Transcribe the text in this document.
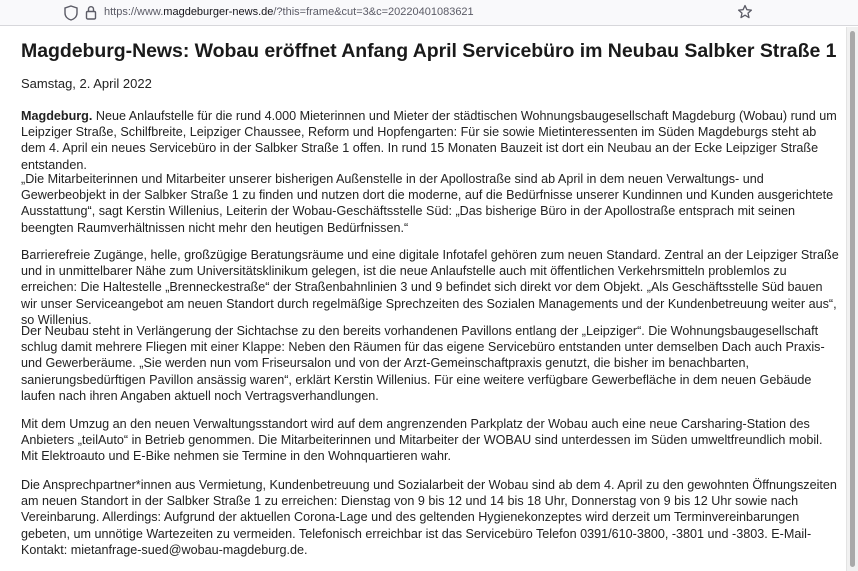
https://www.magdeburger-news.de/?this=frame&cut=3&c=20220401083621
Magdeburg-News: Wobau eröffnet Anfang April Servicebüro im Neubau Salbker Straße 1
Samstag, 2. April 2022

Magdeburg. Neue Anlaufstelle für die rund 4.000 Mieterinnen und Mieter der städtischen Wohnungsbaugesellschaft Magdeburg (Wobau) rund um Leipziger Straße, Schilfbreite, Leipziger Chaussee, Reform und Hopfengarten: Für sie sowie Mietinteressenten im Süden Magdeburgs steht ab dem 4. April ein neues Servicebüro in der Salbker Straße 1 offen. In rund 15 Monaten Bauzeit ist dort ein Neubau an der Ecke Leipziger Straße entstanden.

„Die Mitarbeiterinnen und Mitarbeiter unserer bisherigen Außenstelle in der Apollostraße sind ab April in dem neuen Verwaltungs- und Gewerbeobjekt in der Salbker Straße 1 zu finden und nutzen dort die moderne, auf die Bedürfnisse unserer Kundinnen und Kunden ausgerichtete Ausstattung“, sagt Kerstin Willenius, Leiterin der Wobau-Geschäftsstelle Süd: „Das bisherige Büro in der Apollostraße entsprach mit seinen beengten Raumverhältnissen nicht mehr den heutigen Bedürfnissen.“

Barrierefreie Zugänge, helle, großzügige Beratungsräume und eine digitale Infotafel gehören zum neuen Standard. Zentral an der Leipziger Straße und in unmittelbarer Nähe zum Universitätsklinikum gelegen, ist die neue Anlaufstelle auch mit öffentlichen Verkehrsmitteln problemlos zu erreichen: Die Haltestelle „Brenneckestraße“ der Straßenbahnlinien 3 und 9 befindet sich direkt vor dem Objekt. „Als Geschäftsstelle Süd bauen wir unser Serviceangebot am neuen Standort durch regelmäßige Sprechzeiten des Sozialen Managements und der Kundenbetreuung weiter aus“, so Willenius.

Der Neubau steht in Verlängerung der Sichtachse zu den bereits vorhandenen Pavillons entlang der „Leipziger“. Die Wohnungsbaugesellschaft schlug damit mehrere Fliegen mit einer Klappe: Neben den Räumen für das eigene Servicebüro entstanden unter demselben Dach auch Praxis- und Gewerberäume. „Sie werden nun vom Friseursalon und von der Arzt-Gemeinschaftpraxis genutzt, die bisher im benachbarten, sanierungsbedürftigen Pavillon ansässig waren“, erklärt Kerstin Willenius. Für eine weitere verfügbare Gewerbefläche in dem neuen Gebäude laufen nach ihren Angaben aktuell noch Vertragsverhandlungen.

Mit dem Umzug an den neuen Verwaltungsstandort wird auf dem angrenzenden Parkplatz der Wobau auch eine neue Carsharing-Station des Anbieters „teilAuto“ in Betrieb genommen. Die Mitarbeiterinnen und Mitarbeiter der WOBAU sind unterdessen im Süden umweltfreundlich mobil. Mit Elektroauto und E-Bike nehmen sie Termine in den Wohnquartieren wahr.

Die Ansprechpartner*innen aus Vermietung, Kundenbetreuung und Sozialarbeit der Wobau sind ab dem 4. April zu den gewohnten Öffnungszeiten am neuen Standort in der Salbker Straße 1 zu erreichen: Dienstag von 9 bis 12 und 14 bis 18 Uhr, Donnerstag von 9 bis 12 Uhr sowie nach Vereinbarung. Allerdings: Aufgrund der aktuellen Corona-Lage und des geltenden Hygienekonzeptes wird derzeit um Terminvereinbarungen gebeten, um unnötige Wartezeiten zu vermeiden. Telefonisch erreichbar ist das Servicebüro Telefon 0391/610-3800, -3801 und -3803. E-Mail-Kontakt: mietanfrage-sued@wobau-magdeburg.de.
